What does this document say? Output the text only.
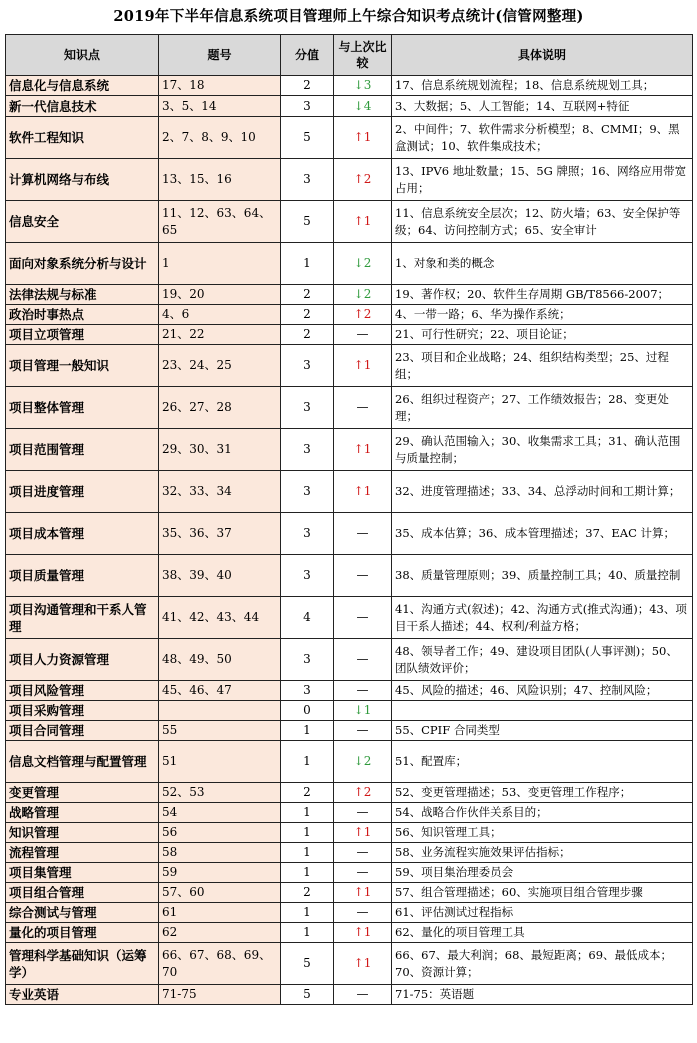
2019年下半年信息系统项目管理师上午综合知识考点统计(信管网整理)
知识点	题号	分值	与上次比较	具体说明
信息化与信息系统	17、18	2	↓3	17、信息系统规划流程；18、信息系统规划工具；
新一代信息技术	3、5、14	3	↓4	3、大数据；5、人工智能；14、互联网+特征
软件工程知识	2、7、8、9、10	5	↑1	2、中间件；7、软件需求分析模型；8、CMMI；9、黑盒测试；10、软件集成技术；
计算机网络与布线	13、15、16	3	↑2	13、IPV6 地址数量；15、5G 牌照；16、网络应用带宽占用；
信息安全	11、12、63、64、65	5	↑1	11、信息系统安全层次；12、防火墙；63、安全保护等级；64、访问控制方式；65、安全审计
面向对象系统分析与设计	1	1	↓2	1、对象和类的概念
法律法规与标准	19、20	2	↓2	19、著作权；20、软件生存周期 GB/T8566-2007；
政治时事热点	4、6	2	↑2	4、一带一路；6、华为操作系统；
项目立项管理	21、22	2	—	21、可行性研究；22、项目论证；
项目管理一般知识	23、24、25	3	↑1	23、项目和企业战略；24、组织结构类型；25、过程组；
项目整体管理	26、27、28	3	—	26、组织过程资产；27、工作绩效报告；28、变更处理；
项目范围管理	29、30、31	3	↑1	29、确认范围输入；30、收集需求工具；31、确认范围与质量控制；
项目进度管理	32、33、34	3	↑1	32、进度管理描述；33、34、总浮动时间和工期计算；
项目成本管理	35、36、37	3	—	35、成本估算；36、成本管理描述；37、EAC 计算；
项目质量管理	38、39、40	3	—	38、质量管理原则；39、质量控制工具；40、质量控制
项目沟通管理和干系人管理	41、42、43、44	4	—	41、沟通方式(叙述)；42、沟通方式(推式沟通)；43、项目干系人描述；44、权利/利益方格；
项目人力资源管理	48、49、50	3	—	48、领导者工作；49、建设项目团队(人事评测)；50、团队绩效评价；
项目风险管理	45、46、47	3	—	45、风险的描述；46、风险识别；47、控制风险；
项目采购管理		0	↓1	
项目合同管理	55	1	—	55、CPIF 合同类型
信息文档管理与配置管理	51	1	↓2	51、配置库；
变更管理	52、53	2	↑2	52、变更管理描述；53、变更管理工作程序；
战略管理	54	1	—	54、战略合作伙伴关系目的；
知识管理	56	1	↑1	56、知识管理工具；
流程管理	58	1	—	58、业务流程实施效果评估指标；
项目集管理	59	1	—	59、项目集治理委员会
项目组合管理	57、60	2	↑1	57、组合管理描述；60、实施项目组合管理步骤
综合测试与管理	61	1	—	61、评估测试过程指标
量化的项目管理	62	1	↑1	62、量化的项目管理工具
管理科学基础知识（运筹学）	66、67、68、69、70	5	↑1	66、67、最大利润；68、最短距离；69、最低成本；70、资源计算；
专业英语	71-75	5	—	71-75：英语题
